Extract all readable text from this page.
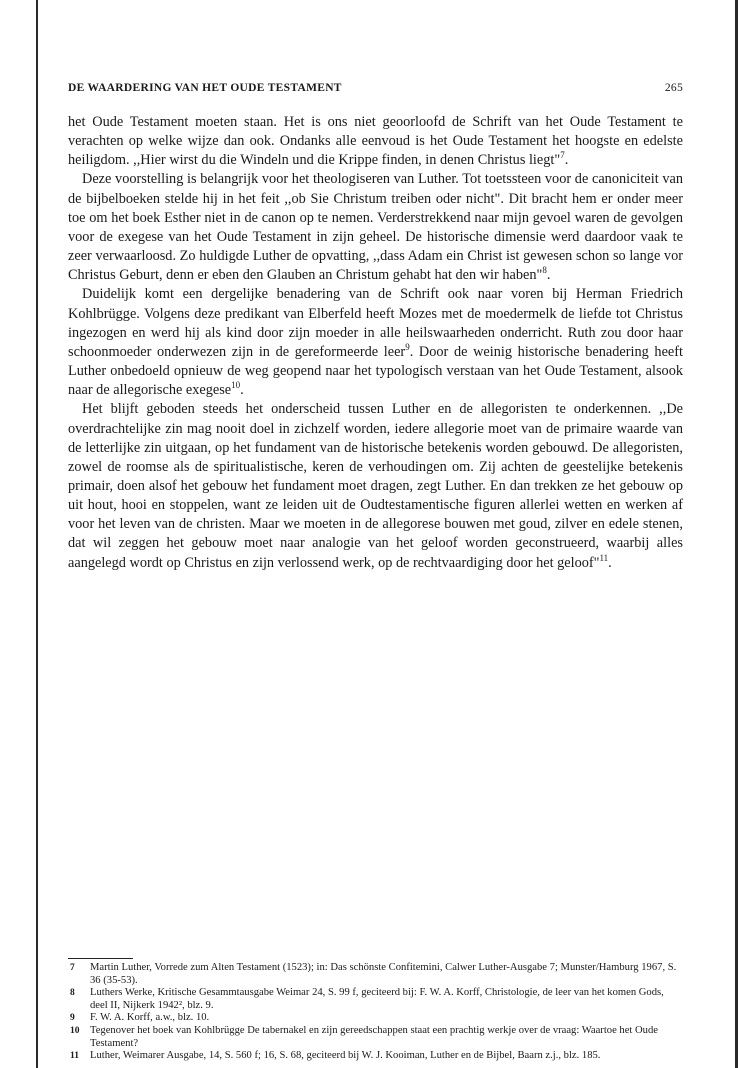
DE WAARDERING VAN HET OUDE TESTAMENT	265

het Oude Testament moeten staan. Het is ons niet geoorloofd de Schrift van het Oude Testament te verachten op welke wijze dan ook. Ondanks alle eenvoud is het Oude Testament het hoogste en edelste heiligdom. ,,Hier wirst du die Windeln und die Krippe finden, in denen Christus liegt"$^7$.

Deze voorstelling is belangrijk voor het theologiseren van Luther. Tot toetssteen voor de canoniciteit van de bijbelboeken stelde hij in het feit ,,ob Sie Christum treiben oder nicht". Dit bracht hem er onder meer toe om het boek Esther niet in de canon op te nemen. Verderstrekkend naar mijn gevoel waren de gevolgen voor de exegese van het Oude Testament in zijn geheel. De historische dimensie werd daardoor vaak te zeer verwaarloosd. Zo huldigde Luther de opvatting, ,,dass Adam ein Christ ist gewesen schon so lange vor Christus Geburt, denn er eben den Glauben an Christum gehabt hat den wir haben"$^8$.

Duidelijk komt een dergelijke benadering van de Schrift ook naar voren bij Herman Friedrich Kohlbrügge. Volgens deze predikant van Elberfeld heeft Mozes met de moedermelk de liefde tot Christus ingezogen en werd hij als kind door zijn moeder in alle heilswaarheden onderricht. Ruth zou door haar schoonmoeder onderwezen zijn in de gereformeerde leer$^9$. Door de weinig historische benadering heeft Luther onbedoeld opnieuw de weg geopend naar het typologisch verstaan van het Oude Testament, alsook naar de allegorische exegese$^{10}$.

Het blijft geboden steeds het onderscheid tussen Luther en de allegoristen te onderkennen. ,,De overdrachtelijke zin mag nooit doel in zichzelf worden, iedere allegorie moet van de primaire waarde van de letterlijke zin uitgaan, op het fundament van de historische betekenis worden gebouwd. De allegoristen, zowel de roomse als de spiritualistische, keren de verhoudingen om. Zij achten de geestelijke betekenis primair, doen alsof het gebouw het fundament moet dragen, zegt Luther. En dan trekken ze het gebouw op uit hout, hooi en stoppelen, want ze leiden uit de Oudtestamentische figuren allerlei wetten en werken af voor het leven van de christen. Maar we moeten in de allegorese bouwen met goud, zilver en edele stenen, dat wil zeggen het gebouw moet naar analogie van het geloof worden geconstrueerd, waarbij alles aangelegd wordt op Christus en zijn verlossend werk, op de rechtvaardiging door het geloof"$^{11}$.

7 Martin Luther, Vorrede zum Alten Testament (1523); in: Das schönste Confitemini, Calwer Luther-Ausgabe 7; Munster/Hamburg 1967, S. 36 (35-53).

8 Luthers Werke, Kritische Gesammtausgabe Weimar 24, S. 99 f, geciteerd bij: F. W. A. Korff, Christologie, de leer van het komen Gods, deel II, Nijkerk 1942², blz. 9.

9 F. W. A. Korff, a.w., blz. 10.

10 Tegenover het boek van Kohlbrügge De tabernakel en zijn gereedschappen staat een prachtig werkje over de vraag: Waartoe het Oude Testament?

11 Luther, Weimarer Ausgabe, 14, S. 560 f; 16, S. 68, geciteerd bij W. J. Kooiman, Luther en de Bijbel, Baarn z.j., blz. 185.
